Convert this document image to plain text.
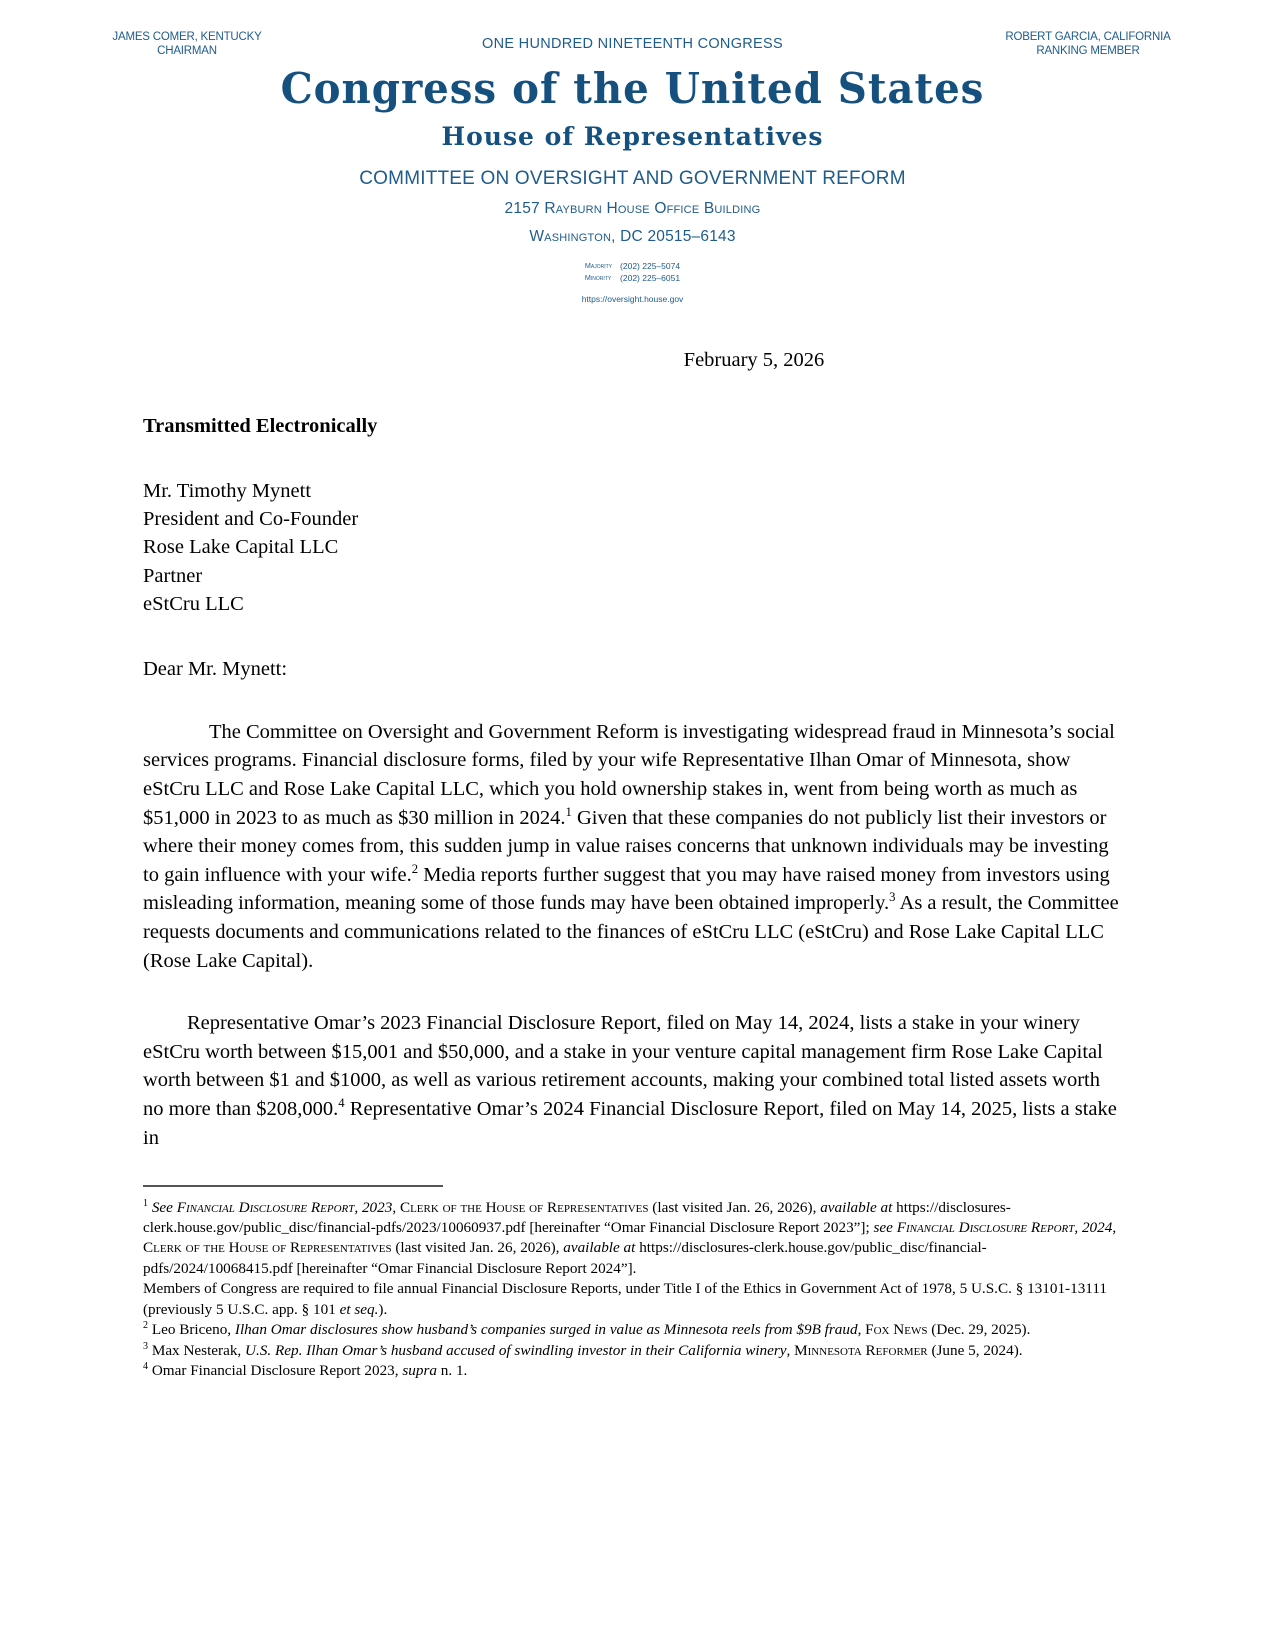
JAMES COMER, KENTUCKY
CHAIRMAN
ROBERT GARCIA, CALIFORNIA
RANKING MEMBER
ONE HUNDRED NINETEENTH CONGRESS
Congress of the United States
House of Representatives
COMMITTEE ON OVERSIGHT AND GOVERNMENT REFORM
2157 Rayburn House Office Building
Washington, DC 20515–6143
Majority	(202) 225–5074
Minority	(202) 225–6051
https://oversight.house.gov
February 5, 2026
Transmitted Electronically
Mr. Timothy Mynett
President and Co-Founder
Rose Lake Capital LLC
Partner
eStCru LLC
Dear Mr. Mynett:

The Committee on Oversight and Government Reform is investigating widespread fraud in Minnesota’s social services programs. Financial disclosure forms, filed by your wife Representative Ilhan Omar of Minnesota, show eStCru LLC and Rose Lake Capital LLC, which you hold ownership stakes in, went from being worth as much as $51,000 in 2023 to as much as $30 million in 2024.$^1$ Given that these companies do not publicly list their investors or where their money comes from, this sudden jump in value raises concerns that unknown individuals may be investing to gain influence with your wife.$^2$ Media reports further suggest that you may have raised money from investors using misleading information, meaning some of those funds may have been obtained improperly.$^3$ As a result, the Committee requests documents and communications related to the finances of eStCru LLC (eStCru) and Rose Lake Capital LLC (Rose Lake Capital).

Representative Omar’s 2023 Financial Disclosure Report, filed on May 14, 2024, lists a stake in your winery eStCru worth between $15,001 and $50,000, and a stake in your venture capital management firm Rose Lake Capital worth between $1 and $1000, as well as various retirement accounts, making your combined total listed assets worth no more than $208,000.$^4$ Representative Omar’s 2024 Financial Disclosure Report, filed on May 14, 2025, lists a stake in

$^1$ See Financial Disclosure Report, 2023, Clerk of the House of Representatives (last visited Jan. 26, 2026), available at https://disclosures-clerk.house.gov/public_disc/financial-pdfs/2023/10060937.pdf [hereinafter “Omar Financial Disclosure Report 2023”]; see Financial Disclosure Report, 2024, Clerk of the House of Representatives (last visited Jan. 26, 2026), available at https://disclosures-clerk.house.gov/public_disc/financial-pdfs/2024/10068415.pdf [hereinafter “Omar Financial Disclosure Report 2024”].
Members of Congress are required to file annual Financial Disclosure Reports, under Title I of the Ethics in Government Act of 1978, 5 U.S.C. § 13101-13111 (previously 5 U.S.C. app. § 101 et seq.).

$^2$ Leo Briceno, Ilhan Omar disclosures show husband’s companies surged in value as Minnesota reels from $9B fraud, Fox News (Dec. 29, 2025).

$^3$ Max Nesterak, U.S. Rep. Ilhan Omar’s husband accused of swindling investor in their California winery, Minnesota Reformer (June 5, 2024).

$^4$ Omar Financial Disclosure Report 2023, supra n. 1.
